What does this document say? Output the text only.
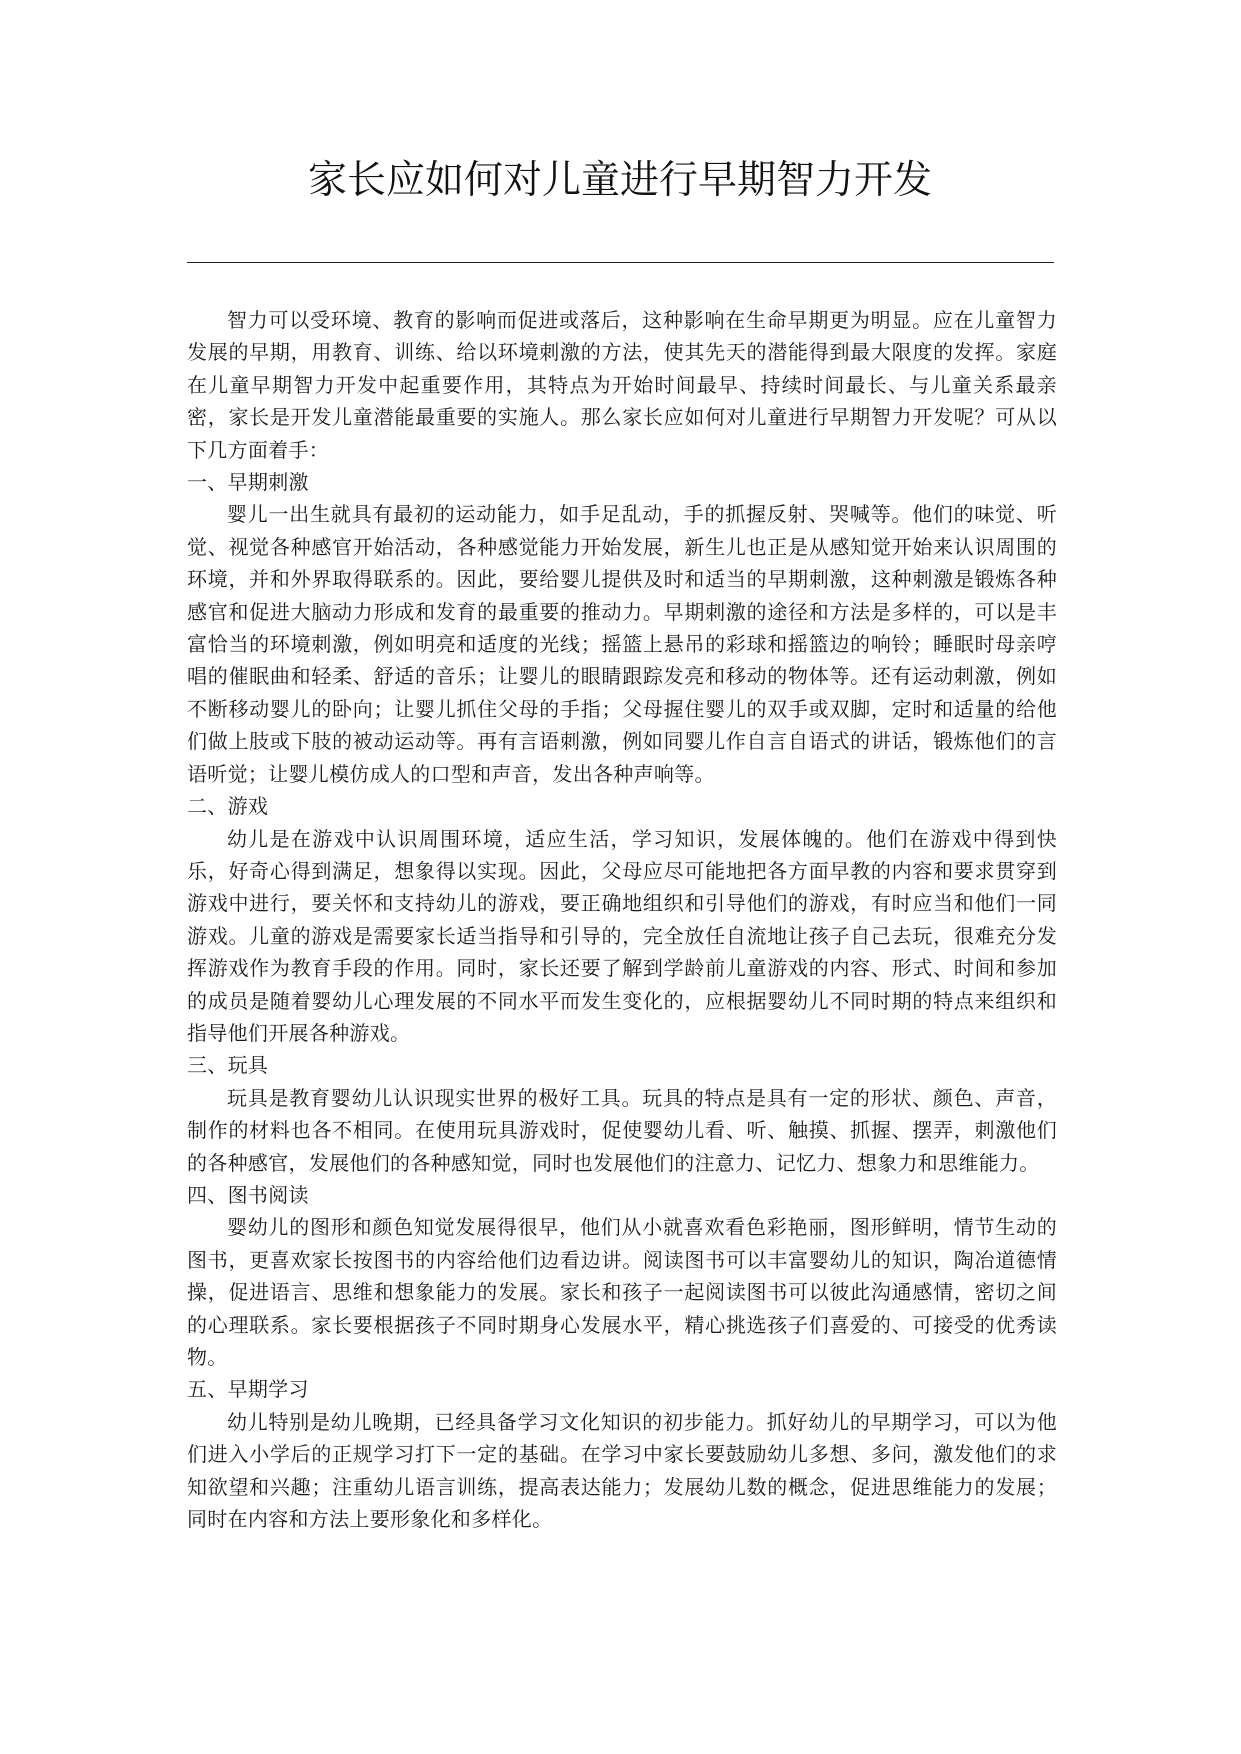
家长应如何对儿童进行早期智力开发

智力可以受环境、教育的影响而促进或落后，这种影响在生命早期更为明显。应在儿童智力发展的早期，用教育、训练、给以环境刺激的方法，使其先天的潜能得到最大限度的发挥。家庭在儿童早期智力开发中起重要作用，其特点为开始时间最早、持续时间最长、与儿童关系最亲密，家长是开发儿童潜能最重要的实施人。那么家长应如何对儿童进行早期智力开发呢？可从以下几方面着手：

一、早期刺激

婴儿一出生就具有最初的运动能力，如手足乱动，手的抓握反射、哭喊等。他们的味觉、听觉、视觉各种感官开始活动，各种感觉能力开始发展，新生儿也正是从感知觉开始来认识周围的环境，并和外界取得联系的。因此，要给婴儿提供及时和适当的早期刺激，这种刺激是锻炼各种感官和促进大脑动力形成和发育的最重要的推动力。早期刺激的途径和方法是多样的，可以是丰富恰当的环境刺激，例如明亮和适度的光线；摇篮上悬吊的彩球和摇篮边的响铃；睡眠时母亲哼唱的催眠曲和轻柔、舒适的音乐；让婴儿的眼睛跟踪发亮和移动的物体等。还有运动刺激，例如不断移动婴儿的卧向；让婴儿抓住父母的手指；父母握住婴儿的双手或双脚，定时和适量的给他们做上肢或下肢的被动运动等。再有言语刺激，例如同婴儿作自言自语式的讲话，锻炼他们的言语听觉；让婴儿模仿成人的口型和声音，发出各种声响等。

二、游戏

幼儿是在游戏中认识周围环境，适应生活，学习知识，发展体魄的。他们在游戏中得到快乐，好奇心得到满足，想象得以实现。因此，父母应尽可能地把各方面早教的内容和要求贯穿到游戏中进行，要关怀和支持幼儿的游戏，要正确地组织和引导他们的游戏，有时应当和他们一同游戏。儿童的游戏是需要家长适当指导和引导的，完全放任自流地让孩子自己去玩，很难充分发挥游戏作为教育手段的作用。同时，家长还要了解到学龄前儿童游戏的内容、形式、时间和参加的成员是随着婴幼儿心理发展的不同水平而发生变化的，应根据婴幼儿不同时期的特点来组织和指导他们开展各种游戏。

三、玩具

玩具是教育婴幼儿认识现实世界的极好工具。玩具的特点是具有一定的形状、颜色、声音，制作的材料也各不相同。在使用玩具游戏时，促使婴幼儿看、听、触摸、抓握、摆弄，刺激他们的各种感官，发展他们的各种感知觉，同时也发展他们的注意力、记忆力、想象力和思维能力。

四、图书阅读

婴幼儿的图形和颜色知觉发展得很早，他们从小就喜欢看色彩艳丽，图形鲜明，情节生动的图书，更喜欢家长按图书的内容给他们边看边讲。阅读图书可以丰富婴幼儿的知识，陶冶道德情操，促进语言、思维和想象能力的发展。家长和孩子一起阅读图书可以彼此沟通感情，密切之间的心理联系。家长要根据孩子不同时期身心发展水平，精心挑选孩子们喜爱的、可接受的优秀读物。

五、早期学习

幼儿特别是幼儿晚期，已经具备学习文化知识的初步能力。抓好幼儿的早期学习，可以为他们进入小学后的正规学习打下一定的基础。在学习中家长要鼓励幼儿多想、多问，激发他们的求知欲望和兴趣；注重幼儿语言训练，提高表达能力；发展幼儿数的概念，促进思维能力的发展；同时在内容和方法上要形象化和多样化。
